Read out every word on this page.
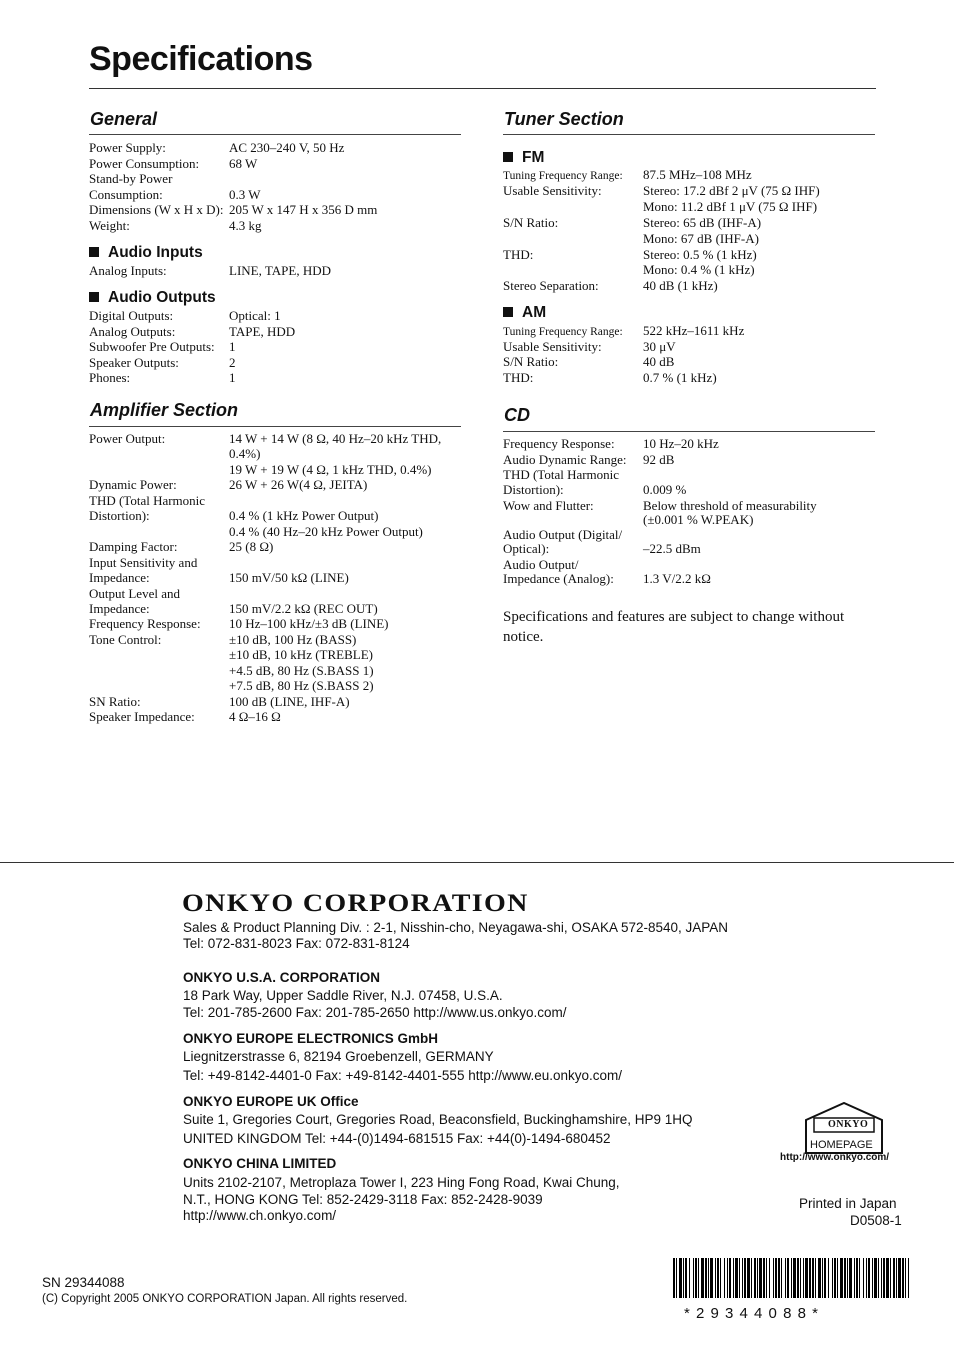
Specifications
General
Power Supply:	AC 230–240 V, 50 Hz
Power Consumption: 68 W
Stand-by Power
Consumption:	0.3 W
Dimensions (W x H x D): 205 W x 147 H x 356 D mm
Weight:	4.3 kg
Audio Inputs
Analog Inputs:	LINE, TAPE, HDD
Audio Outputs
Digital Outputs:	Optical: 1
Analog Outputs:	TAPE, HDD
Subwoofer Pre Outputs: 1
Speaker Outputs:	2
Phones:	1
Amplifier Section
Power Output:	14 W + 14 W (8 Ω, 40 Hz–20 kHz THD,
0.4%)
19 W + 19 W (4 Ω, 1 kHz THD, 0.4%)
Dynamic Power:	26 W + 26 W(4 Ω, JEITA)
THD (Total Harmonic
Distortion):	0.4 % (1 kHz Power Output)
0.4 % (40 Hz–20 kHz Power Output)
Damping Factor:	25 (8 Ω)
Input Sensitivity and
Impedance:	150 mV/50 kΩ (LINE)
Output Level and
Impedance:	150 mV/2.2 kΩ (REC OUT)
Frequency Response: 10 Hz–100 kHz/±3 dB (LINE)
Tone Control:	±10 dB, 100 Hz (BASS)
±10 dB, 10 kHz (TREBLE)
+4.5 dB, 80 Hz (S.BASS 1)
+7.5 dB, 80 Hz (S.BASS 2)
SN Ratio:	100 dB (LINE, IHF-A)
Speaker Impedance:	4 Ω–16 Ω
Tuner Section
FM
Tuning Frequency Range: 87.5 MHz–108 MHz
Usable Sensitivity:	Stereo: 17.2 dBf 2 μV (75 Ω IHF)
Mono: 11.2 dBf 1 μV (75 Ω IHF)
S/N Ratio:	Stereo: 65 dB (IHF-A)
Mono: 67 dB (IHF-A)
THD:	Stereo: 0.5 % (1 kHz)
Mono: 0.4 % (1 kHz)
Stereo Separation:	40 dB (1 kHz)
AM
Tuning Frequency Range: 522 kHz–1611 kHz
Usable Sensitivity:	30 μV
S/N Ratio:	40 dB
THD:	0.7 % (1 kHz)
CD
Frequency Response: 10 Hz–20 kHz
Audio Dynamic Range: 92 dB
THD (Total Harmonic
Distortion):	0.009 %
Wow and Flutter:	Below threshold of measurability
(±0.001 % W.PEAK)
Audio Output (Digital/
Optical):	–22.5 dBm
Audio Output/
Impedance (Analog): 1.3 V/2.2 kΩ
Specifications and features are subject to change without
notice.
ONKYO CORPORATION
Sales & Product Planning Div. : 2-1, Nisshin-cho, Neyagawa-shi, OSAKA 572-8540, JAPAN
Tel: 072-831-8023 Fax: 072-831-8124
ONKYO U.S.A. CORPORATION
18 Park Way, Upper Saddle River, N.J. 07458, U.S.A.
Tel: 201-785-2600 Fax: 201-785-2650 http://www.us.onkyo.com/
ONKYO EUROPE ELECTRONICS GmbH
Liegnitzerstrasse 6, 82194 Groebenzell, GERMANY
Tel: +49-8142-4401-0 Fax: +49-8142-4401-555 http://www.eu.onkyo.com/
ONKYO EUROPE UK Office
Suite 1, Gregories Court, Gregories Road, Beaconsfield, Buckinghamshire, HP9 1HQ
UNITED KINGDOM Tel: +44-(0)1494-681515 Fax: +44(0)-1494-680452
ONKYO CHINA LIMITED
Units 2102-2107, Metroplaza Tower I, 223 Hing Fong Road, Kwai Chung,
N.T., HONG KONG Tel: 852-2429-3118 Fax: 852-2428-9039
http://www.ch.onkyo.com/
ONKYO
HOMEPAGE
http://www.onkyo.com/
Printed in Japan
D0508-1
SN 29344088
(C) Copyright 2005 ONKYO CORPORATION Japan. All rights reserved.
* 2 9 3 4 4 0 8 8 *
